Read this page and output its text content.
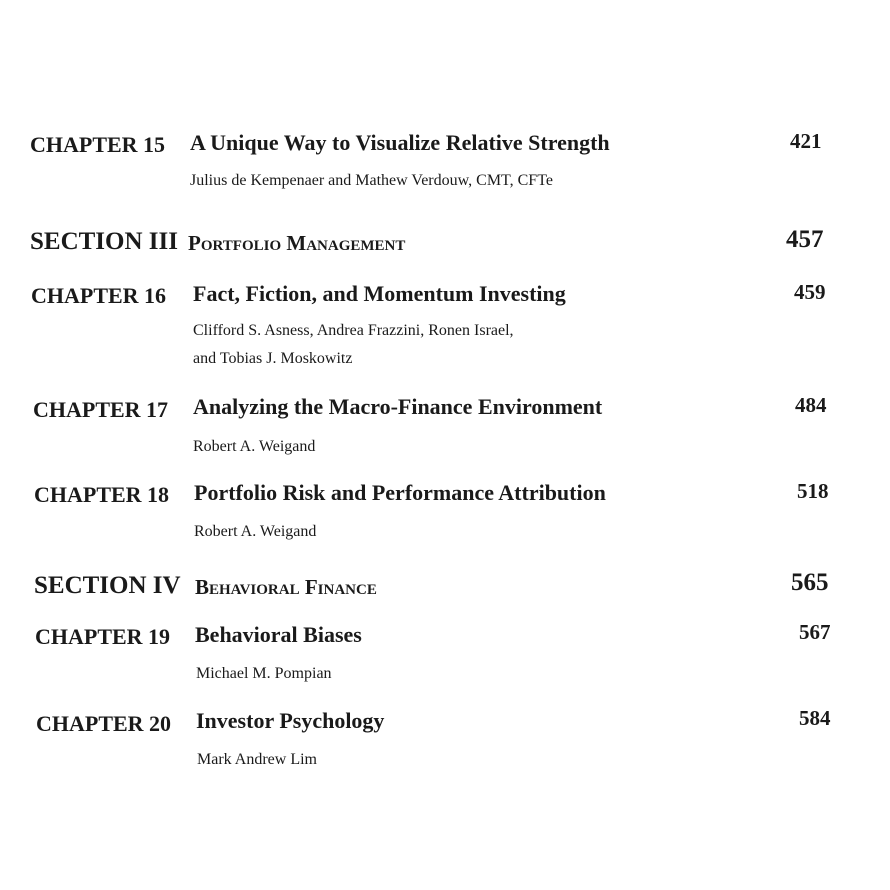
CHAPTER 15 A Unique Way to Visualize Relative Strength	421
Julius de Kempenaer and Mathew Verdouw, CMT, CFTe
SECTION III Portfolio Management	457
CHAPTER 16 Fact, Fiction, and Momentum Investing	459
Clifford S. Asness, Andrea Frazzini, Ronen Israel,
and Tobias J. Moskowitz
CHAPTER 17 Analyzing the Macro-Finance Environment	484
Robert A. Weigand
CHAPTER 18 Portfolio Risk and Performance Attribution	518
Robert A. Weigand
SECTION IV Behavioral Finance	565
CHAPTER 19 Behavioral Biases	567
Michael M. Pompian
CHAPTER 20 Investor Psychology	584
Mark Andrew Lim
